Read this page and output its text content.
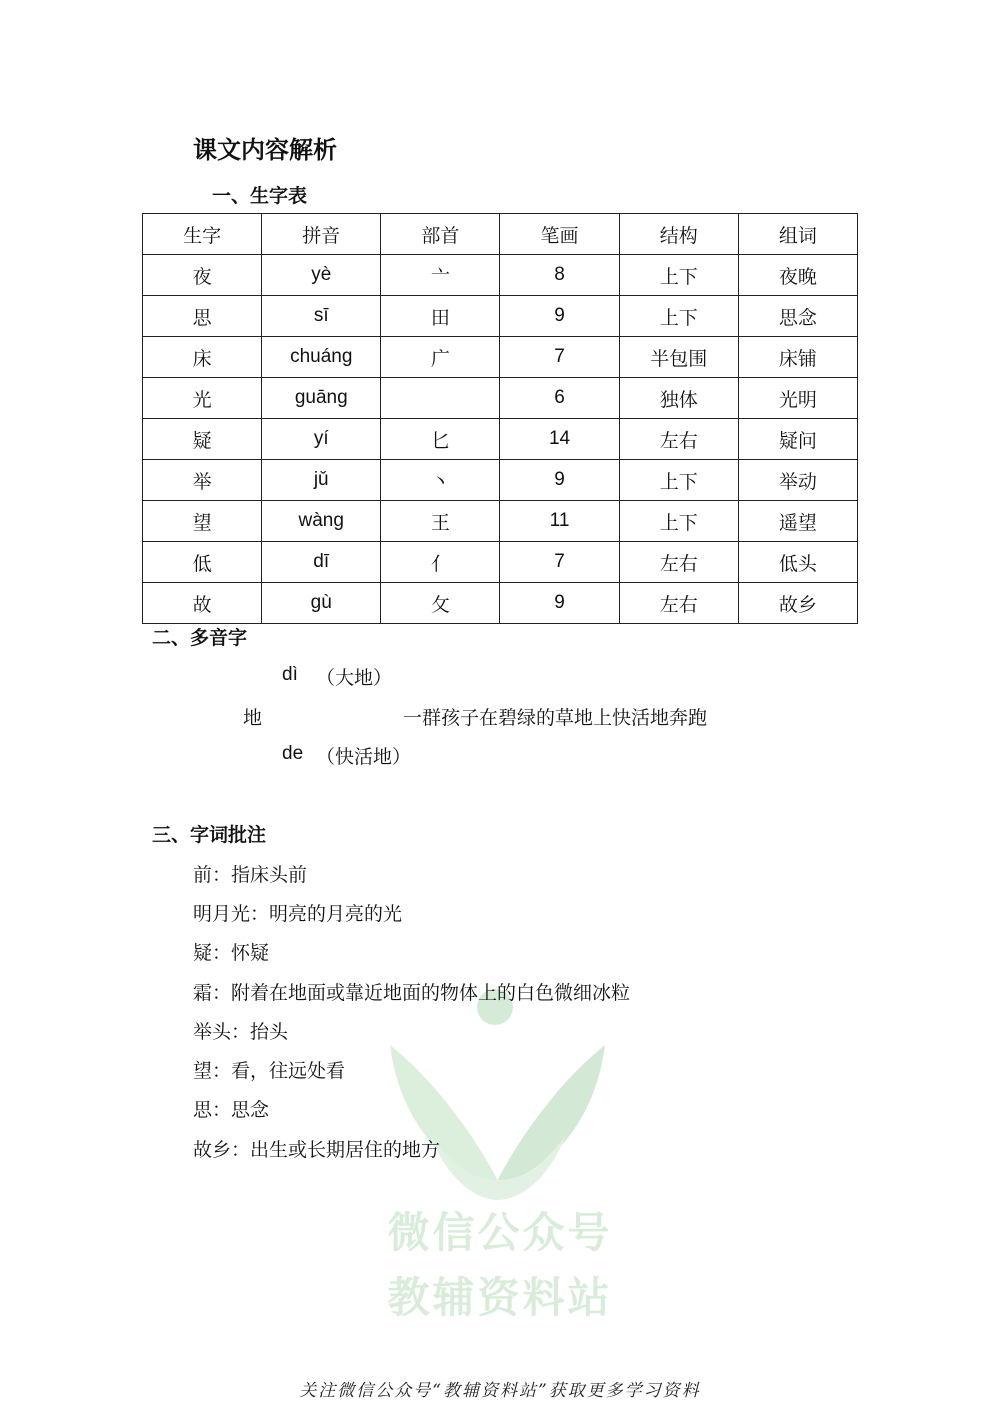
微信公众号
教辅资料站
课文内容解析
一、生字表
生字	拼音	部首	笔画	结构	组词
夜	yè	亠	8	上下	夜晚
思	sī	田	9	上下	思念
床	chuáng	广	7	半包围	床铺
光	guāng		6	独体	光明
疑	yí	匕	14	左右	疑问
举	jǔ	丶	9	上下	举动
望	wàng	王	11	上下	遥望
低	dī	亻	7	左右	低头
故	gù	攵	9	左右	故乡
二、多音字
dì （大地）
地	一群孩子在碧绿的草地上快活地奔跑
de （快活地）
三、字词批注
前：指床头前
明月光：明亮的月亮的光
疑：怀疑
霜：附着在地面或靠近地面的物体上的白色微细冰粒
举头：抬头
望：看，往远处看
思：思念
故乡：出生或长期居住的地方
关注微信公众号“教辅资料站”获取更多学习资料
